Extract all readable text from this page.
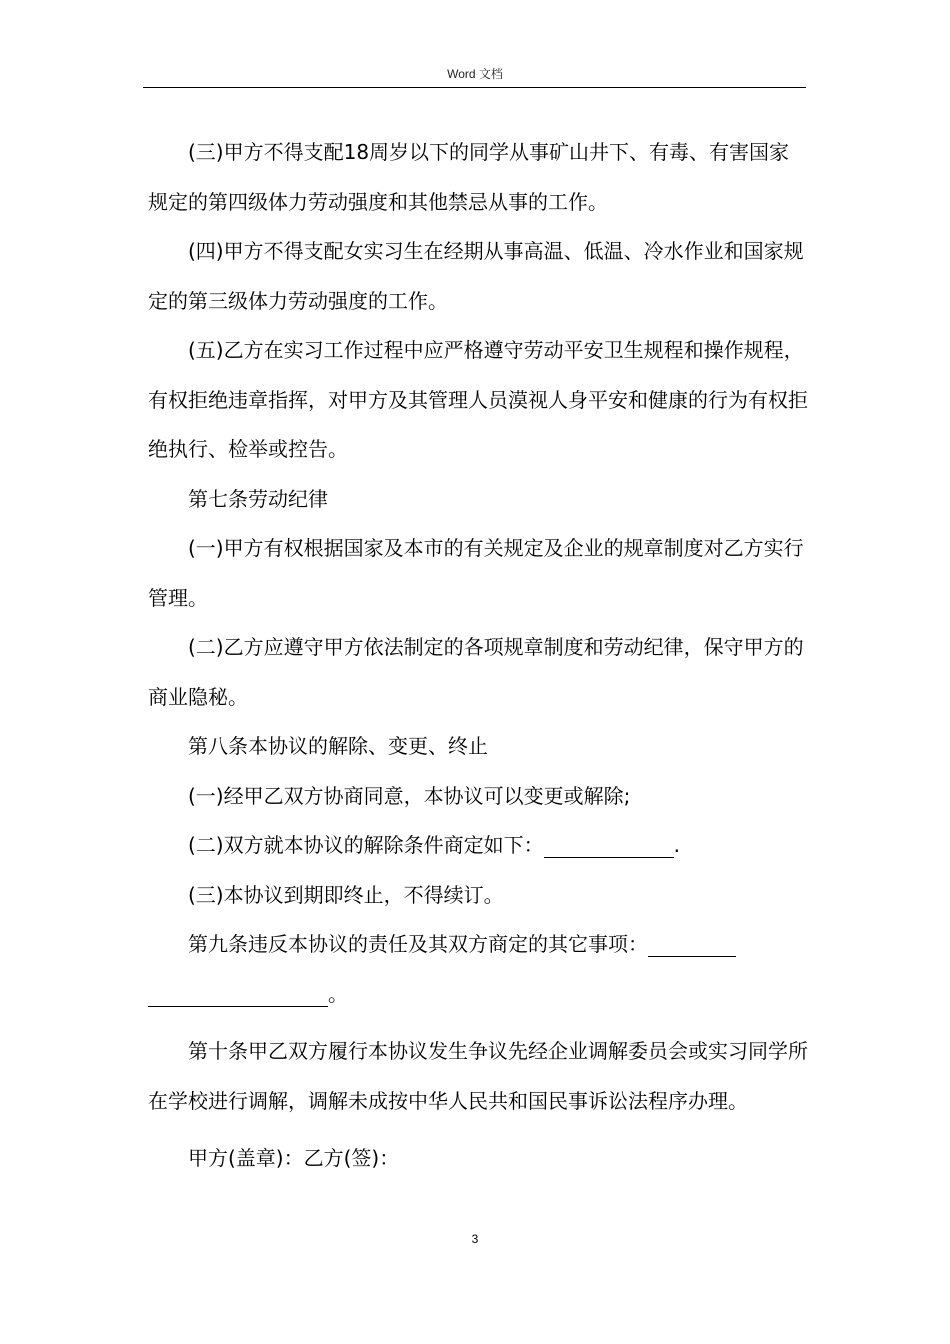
Word 文档

(三)甲方不得支配18周岁以下的同学从事矿山井下、有毒、有害国家规定的第四级体力劳动强度和其他禁忌从事的工作。

(四)甲方不得支配女实习生在经期从事高温、低温、冷水作业和国家规定的第三级体力劳动强度的工作。

(五)乙方在实习工作过程中应严格遵守劳动平安卫生规程和操作规程，有权拒绝违章指挥，对甲方及其管理人员漠视人身平安和健康的行为有权拒绝执行、检举或控告。

第七条劳动纪律

(一)甲方有权根据国家及本市的有关规定及企业的规章制度对乙方实行管理。

(二)乙方应遵守甲方依法制定的各项规章制度和劳动纪律，保守甲方的商业隐秘。

第八条本协议的解除、变更、终止

(一)经甲乙双方协商同意，本协议可以变更或解除;

(二)双方就本协议的解除条件商定如下：	.

(三)本协议到期即终止，不得续订。

第九条违反本协议的责任及其双方商定的其它事项：

。

第十条甲乙双方履行本协议发生争议先经企业调解委员会或实习同学所在学校进行调解，调解未成按中华人民共和国民事诉讼法程序办理。

甲方(盖章)：乙方(签)：

3
